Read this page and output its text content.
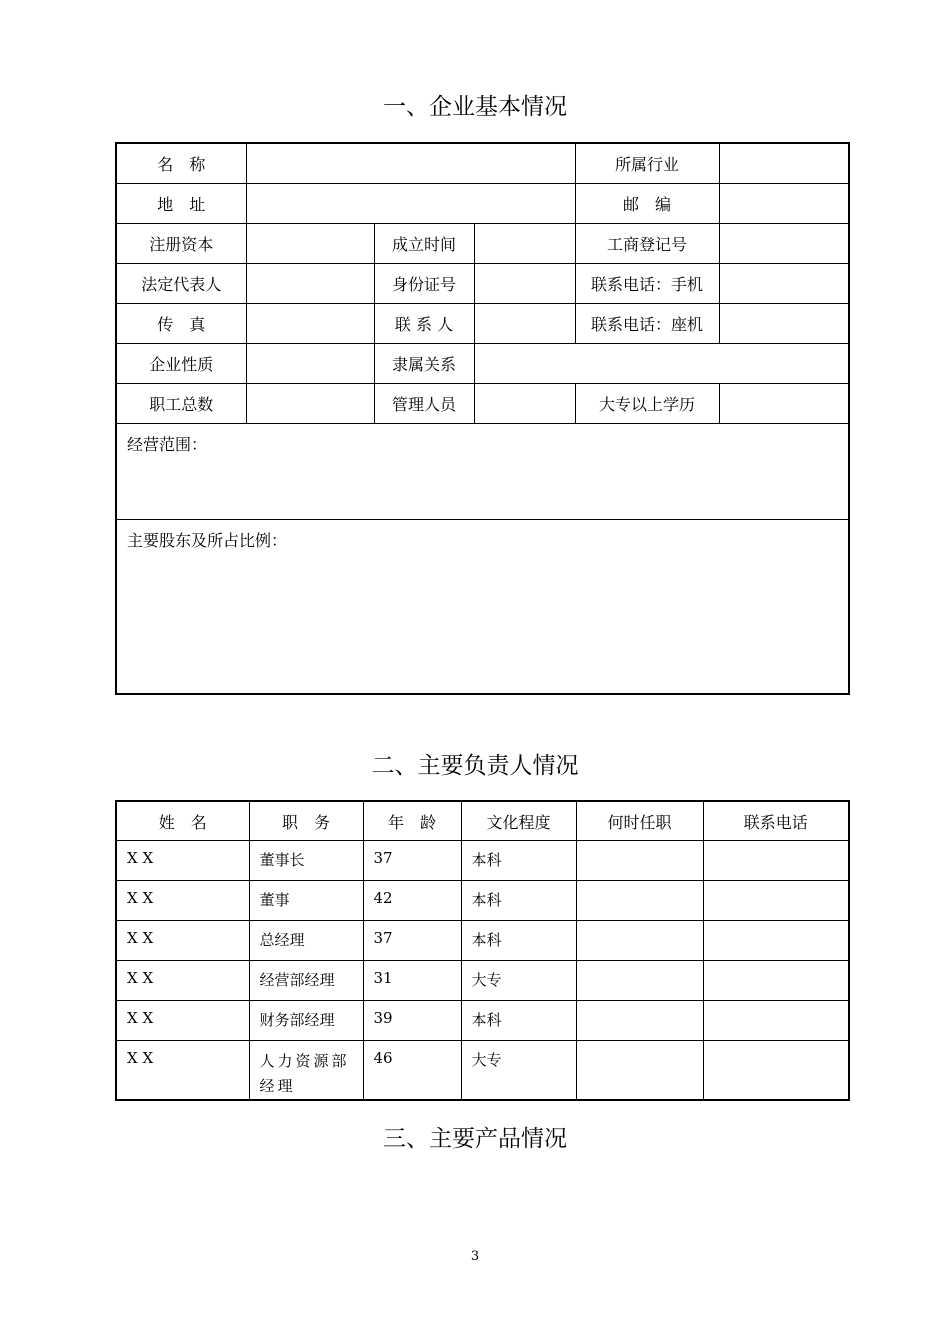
一、企业基本情况
名　称				所属行业	
地　址				邮　编	
注册资本		成立时间		工商登记号	
法定代表人		身份证号		联系电话：手机	
传　真		联 系 人		联系电话：座机	
企业性质		隶属关系			
职工总数		管理人员		大专以上学历	
经营范围：					
主要股东及所占比例：					
二、主要负责人情况
姓　名	职　务	年　龄	文化程度	何时任职	联系电话
X X	董事长	37	本科		
X X	董事	42	本科		
X X	总经理	37	本科		
X X	经营部经理	31	大专		
X X	财务部经理	39	本科		
X X	人力资源部经理	46	大专		
三、主要产品情况
3
